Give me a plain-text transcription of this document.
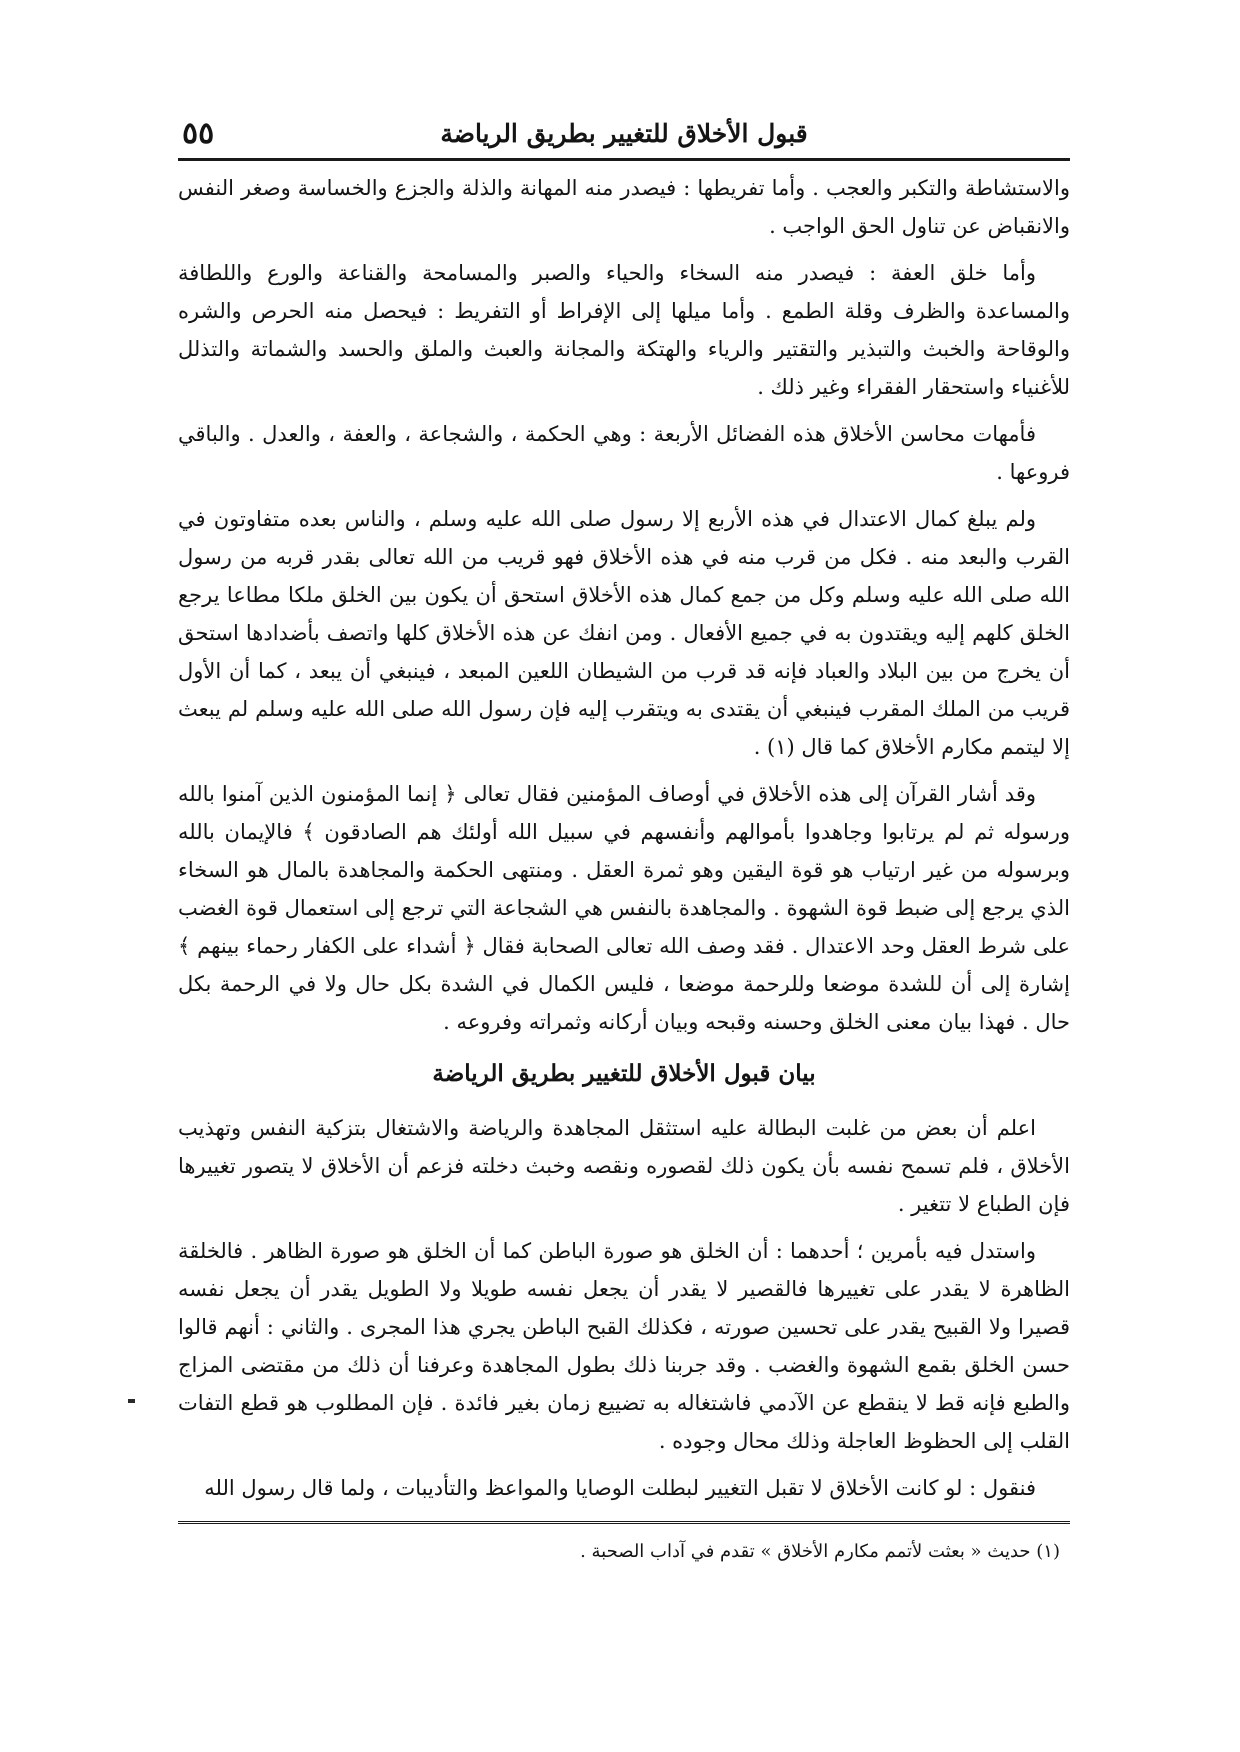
قبول الأخلاق للتغيير بطريق الرياضة
٥٥

والاستشاطة والتكبر والعجب . وأما تفريطها : فيصدر منه المهانة والذلة والجزع والخساسة وصغر النفس والانقباض عن تناول الحق الواجب .

وأما خلق العفة : فيصدر منه السخاء والحياء والصبر والمسامحة والقناعة والورع واللطافة والمساعدة والظرف وقلة الطمع . وأما ميلها إلى الإفراط أو التفريط : فيحصل منه الحرص والشره والوقاحة والخبث والتبذير والتقتير والرياء والهتكة والمجانة والعبث والملق والحسد والشماتة والتذلل للأغنياء واستحقار الفقراء وغير ذلك .

فأمهات محاسن الأخلاق هذه الفضائل الأربعة : وهي الحكمة ، والشجاعة ، والعفة ، والعدل . والباقي فروعها .

ولم يبلغ كمال الاعتدال في هذه الأربع إلا رسول صلى الله عليه وسلم ، والناس بعده متفاوتون في القرب والبعد منه . فكل من قرب منه في هذه الأخلاق فهو قريب من الله تعالى بقدر قربه من رسول الله صلى الله عليه وسلم وكل من جمع كمال هذه الأخلاق استحق أن يكون بين الخلق ملكا مطاعا يرجع الخلق كلهم إليه ويقتدون به في جميع الأفعال . ومن انفك عن هذه الأخلاق كلها واتصف بأضدادها استحق أن يخرج من بين البلاد والعباد فإنه قد قرب من الشيطان اللعين المبعد ، فينبغي أن يبعد ، كما أن الأول قريب من الملك المقرب فينبغي أن يقتدى به ويتقرب إليه فإن رسول الله صلى الله عليه وسلم لم يبعث إلا ليتمم مكارم الأخلاق كما قال (١) .

وقد أشار القرآن إلى هذه الأخلاق في أوصاف المؤمنين فقال تعالى ﴿ إنما المؤمنون الذين آمنوا بالله ورسوله ثم لم يرتابوا وجاهدوا بأموالهم وأنفسهم في سبيل الله أولئك هم الصادقون ﴾ فالإيمان بالله وبرسوله من غير ارتياب هو قوة اليقين وهو ثمرة العقل . ومنتهى الحكمة والمجاهدة بالمال هو السخاء الذي يرجع إلى ضبط قوة الشهوة . والمجاهدة بالنفس هي الشجاعة التي ترجع إلى استعمال قوة الغضب على شرط العقل وحد الاعتدال . فقد وصف الله تعالى الصحابة فقال ﴿ أشداء على الكفار رحماء بينهم ﴾ إشارة إلى أن للشدة موضعا وللرحمة موضعا ، فليس الكمال في الشدة بكل حال ولا في الرحمة بكل حال . فهذا بيان معنى الخلق وحسنه وقبحه وبيان أركانه وثمراته وفروعه .

بيان قبول الأخلاق للتغيير بطريق الرياضة

اعلم أن بعض من غلبت البطالة عليه استثقل المجاهدة والرياضة والاشتغال بتزكية النفس وتهذيب الأخلاق ، فلم تسمح نفسه بأن يكون ذلك لقصوره ونقصه وخبث دخلته فزعم أن الأخلاق لا يتصور تغييرها فإن الطباع لا تتغير .

واستدل فيه بأمرين ؛ أحدهما : أن الخلق هو صورة الباطن كما أن الخلق هو صورة الظاهر . فالخلقة الظاهرة لا يقدر على تغييرها فالقصير لا يقدر أن يجعل نفسه طويلا ولا الطويل يقدر أن يجعل نفسه قصيرا ولا القبيح يقدر على تحسين صورته ، فكذلك القبح الباطن يجري هذا المجرى . والثاني : أنهم قالوا حسن الخلق بقمع الشهوة والغضب . وقد جربنا ذلك بطول المجاهدة وعرفنا أن ذلك من مقتضى المزاج والطبع فإنه قط لا ينقطع عن الآدمي فاشتغاله به تضييع زمان بغير فائدة . فإن المطلوب هو قطع التفات القلب إلى الحظوظ العاجلة وذلك محال وجوده .

فنقول : لو كانت الأخلاق لا تقبل التغيير لبطلت الوصايا والمواعظ والتأديبات ، ولما قال رسول الله

(١) حديث « بعثت لأتمم مكارم الأخلاق » تقدم في آداب الصحبة .
